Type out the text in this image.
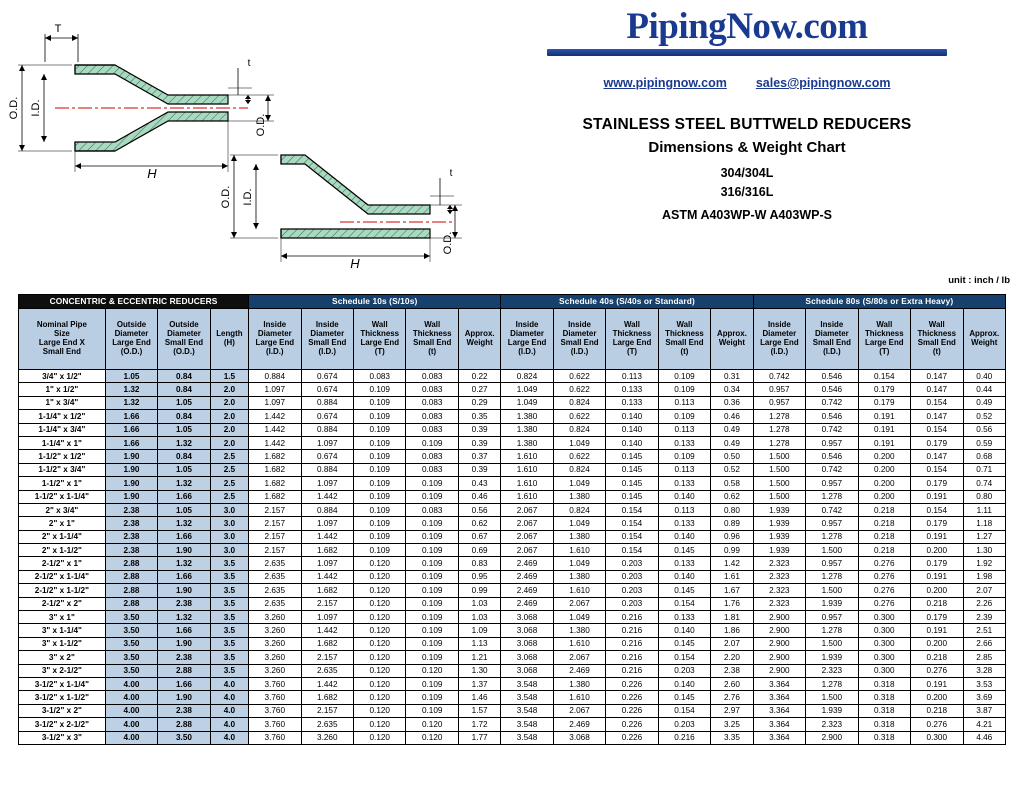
T
O.D. I.D.
t
O.D.
H
O.D. I.D.
t
O.D.
H
PipingNow.com
www.pipingnow.com sales@pipingnow.com
STAINLESS STEEL BUTTWELD REDUCERS
Dimensions & Weight Chart
304/304L
316/316L
ASTM A403WP-W A403WP-S
unit : inch / lb
CONCENTRIC & ECCENTRIC REDUCERS				Schedule 10s (S/10s)					Schedule 40s (S/40s or Standard)					Schedule 80s (S/80s or Extra Heavy)				

Nominal Pipe
Size
Large End X
Small End	Outside
Diameter
Large End
(O.D.)	Outside
Diameter
Small End
(O.D.)	Length
(H)	Inside
Diameter
Large End
(I.D.)	Inside
Diameter
Small End
(I.D.)	Wall
Thickness
Large End
(T)	Wall
Thickness
Small End
(t)	Approx.
Weight	Inside
Diameter
Large End
(I.D.)	Inside
Diameter
Small End
(I.D.)	Wall
Thickness
Large End
(T)	Wall
Thickness
Small End
(t)	Approx.
Weight	Inside
Diameter
Large End
(I.D.)	Inside
Diameter
Small End
(I.D.)	Wall
Thickness
Large End
(T)	Wall
Thickness
Small End
(t)	Approx.
Weight

3/4" x 1/2"	1.05	0.84	1.5	0.884	0.674	0.083	0.083	0.22	0.824	0.622	0.113	0.109	0.31	0.742	0.546	0.154	0.147	0.40
1" x 1/2"	1.32	0.84	2.0	1.097	0.674	0.109	0.083	0.27	1.049	0.622	0.133	0.109	0.34	0.957	0.546	0.179	0.147	0.44
1" x 3/4"	1.32	1.05	2.0	1.097	0.884	0.109	0.083	0.29	1.049	0.824	0.133	0.113	0.36	0.957	0.742	0.179	0.154	0.49
1-1/4" x 1/2"	1.66	0.84	2.0	1.442	0.674	0.109	0.083	0.35	1.380	0.622	0.140	0.109	0.46	1.278	0.546	0.191	0.147	0.52
1-1/4" x 3/4"	1.66	1.05	2.0	1.442	0.884	0.109	0.083	0.39	1.380	0.824	0.140	0.113	0.49	1.278	0.742	0.191	0.154	0.56
1-1/4" x 1"	1.66	1.32	2.0	1.442	1.097	0.109	0.109	0.39	1.380	1.049	0.140	0.133	0.49	1.278	0.957	0.191	0.179	0.59
1-1/2" x 1/2"	1.90	0.84	2.5	1.682	0.674	0.109	0.083	0.37	1.610	0.622	0.145	0.109	0.50	1.500	0.546	0.200	0.147	0.68
1-1/2" x 3/4"	1.90	1.05	2.5	1.682	0.884	0.109	0.083	0.39	1.610	0.824	0.145	0.113	0.52	1.500	0.742	0.200	0.154	0.71
1-1/2" x 1"	1.90	1.32	2.5	1.682	1.097	0.109	0.109	0.43	1.610	1.049	0.145	0.133	0.58	1.500	0.957	0.200	0.179	0.74
1-1/2" x 1-1/4"	1.90	1.66	2.5	1.682	1.442	0.109	0.109	0.46	1.610	1.380	0.145	0.140	0.62	1.500	1.278	0.200	0.191	0.80
2" x 3/4"	2.38	1.05	3.0	2.157	0.884	0.109	0.083	0.56	2.067	0.824	0.154	0.113	0.80	1.939	0.742	0.218	0.154	1.11
2" x 1"	2.38	1.32	3.0	2.157	1.097	0.109	0.109	0.62	2.067	1.049	0.154	0.133	0.89	1.939	0.957	0.218	0.179	1.18
2" x 1-1/4"	2.38	1.66	3.0	2.157	1.442	0.109	0.109	0.67	2.067	1.380	0.154	0.140	0.96	1.939	1.278	0.218	0.191	1.27
2" x 1-1/2"	2.38	1.90	3.0	2.157	1.682	0.109	0.109	0.69	2.067	1.610	0.154	0.145	0.99	1.939	1.500	0.218	0.200	1.30
2-1/2" x 1"	2.88	1.32	3.5	2.635	1.097	0.120	0.109	0.83	2.469	1.049	0.203	0.133	1.42	2.323	0.957	0.276	0.179	1.92
2-1/2" x 1-1/4"	2.88	1.66	3.5	2.635	1.442	0.120	0.109	0.95	2.469	1.380	0.203	0.140	1.61	2.323	1.278	0.276	0.191	1.98
2-1/2" x 1-1/2"	2.88	1.90	3.5	2.635	1.682	0.120	0.109	0.99	2.469	1.610	0.203	0.145	1.67	2.323	1.500	0.276	0.200	2.07
2-1/2" x 2"	2.88	2.38	3.5	2.635	2.157	0.120	0.109	1.03	2.469	2.067	0.203	0.154	1.76	2.323	1.939	0.276	0.218	2.26
3" x 1"	3.50	1.32	3.5	3.260	1.097	0.120	0.109	1.03	3.068	1.049	0.216	0.133	1.81	2.900	0.957	0.300	0.179	2.39
3" x 1-1/4"	3.50	1.66	3.5	3.260	1.442	0.120	0.109	1.09	3.068	1.380	0.216	0.140	1.86	2.900	1.278	0.300	0.191	2.51
3" x 1-1/2"	3.50	1.90	3.5	3.260	1.682	0.120	0.109	1.13	3.068	1.610	0.216	0.145	2.07	2.900	1.500	0.300	0.200	2.66
3" x 2"	3.50	2.38	3.5	3.260	2.157	0.120	0.109	1.21	3.068	2.067	0.216	0.154	2.20	2.900	1.939	0.300	0.218	2.85
3" x 2-1/2"	3.50	2.88	3.5	3.260	2.635	0.120	0.120	1.30	3.068	2.469	0.216	0.203	2.38	2.900	2.323	0.300	0.276	3.28
3-1/2" x 1-1/4"	4.00	1.66	4.0	3.760	1.442	0.120	0.109	1.37	3.548	1.380	0.226	0.140	2.60	3.364	1.278	0.318	0.191	3.53
3-1/2" x 1-1/2"	4.00	1.90	4.0	3.760	1.682	0.120	0.109	1.46	3.548	1.610	0.226	0.145	2.76	3.364	1.500	0.318	0.200	3.69
3-1/2" x 2"	4.00	2.38	4.0	3.760	2.157	0.120	0.109	1.57	3.548	2.067	0.226	0.154	2.97	3.364	1.939	0.318	0.218	3.87
3-1/2" x 2-1/2"	4.00	2.88	4.0	3.760	2.635	0.120	0.120	1.72	3.548	2.469	0.226	0.203	3.25	3.364	2.323	0.318	0.276	4.21
3-1/2" x 3"	4.00	3.50	4.0	3.760	3.260	0.120	0.120	1.77	3.548	3.068	0.226	0.216	3.35	3.364	2.900	0.318	0.300	4.46
